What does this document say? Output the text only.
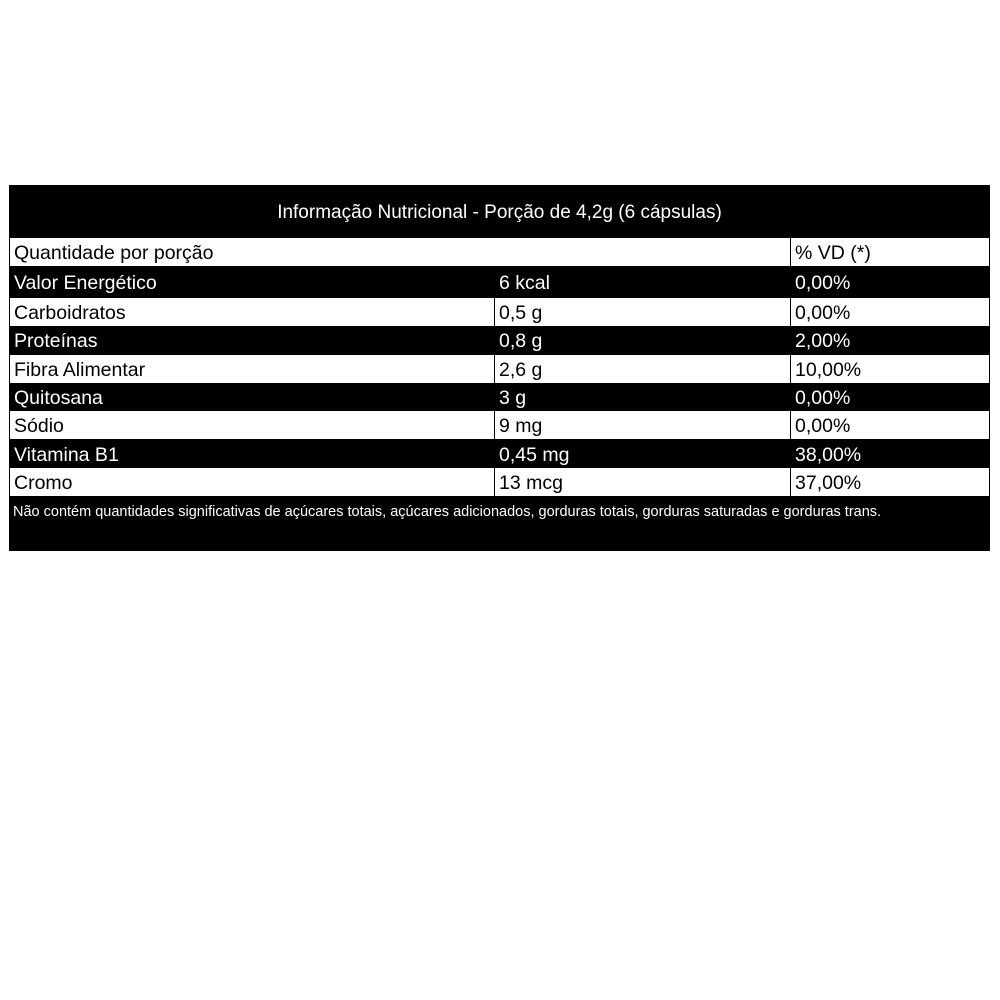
Informação Nutricional - Porção de 4,2g (6 cápsulas)
Quantidade por porção	% VD (*)
Valor Energético	6 kcal	0,00%
Carboidratos	0,5 g	0,00%
Proteínas	0,8 g	2,00%
Fibra Alimentar	2,6 g	10,00%
Quitosana	3 g	0,00%
Sódio	9 mg	0,00%
Vitamina B1	0,45 mg	38,00%
Cromo	13 mcg	37,00%
Não contém quantidades significativas de açúcares totais, açúcares adicionados, gorduras totais, gorduras saturadas e gorduras trans.
